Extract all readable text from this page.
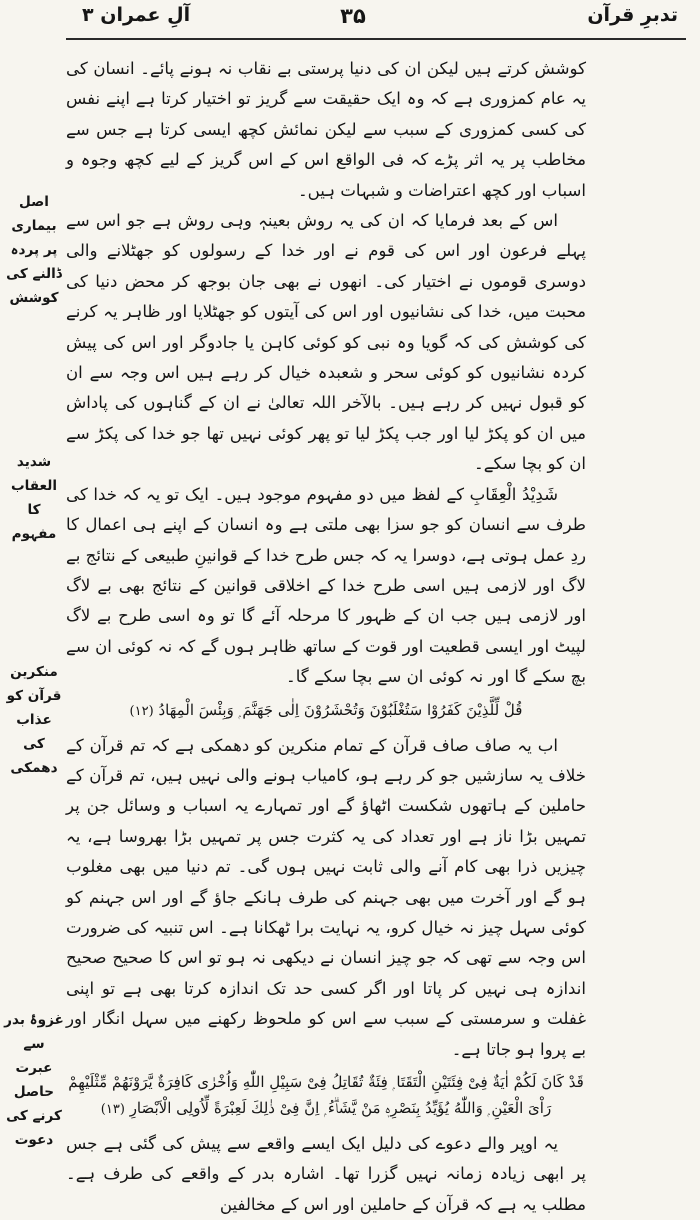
تدبرِ قرآن
۳۵
آلِ عمران ۳

کوشش کرتے ہیں لیکن ان کی دنیا پرستی بے نقاب نہ ہونے پائے۔ انسان کی یہ عام کمزوری ہے کہ وہ ایک حقیقت سے گریز تو اختیار کرتا ہے اپنے نفس کی کسی کمزوری کے سبب سے لیکن نمائش کچھ ایسی کرتا ہے جس سے مخاطب پر یہ اثر پڑے کہ فی الواقع اس کے اس گریز کے لیے کچھ وجوہ و اسباب اور کچھ اعتراضات و شبہات ہیں۔

اس کے بعد فرمایا کہ ان کی یہ روش بعینہٖ وہی روش ہے جو اس سے پہلے فرعون اور اس کی قوم نے اور خدا کے رسولوں کو جھٹلانے والی دوسری قوموں نے اختیار کی۔ انھوں نے بھی جان بوجھ کر محض دنیا کی محبت میں، خدا کی نشانیوں اور اس کی آیتوں کو جھٹلایا اور ظاہر یہ کرنے کی کوشش کی کہ گویا وہ نبی کو کوئی کاہن یا جادوگر اور اس کی پیش کردہ نشانیوں کو کوئی سحر و شعبدہ خیال کر رہے ہیں اس وجہ سے ان کو قبول نہیں کر رہے ہیں۔ بالآخر اللہ تعالیٰ نے ان کے گناہوں کی پاداش میں ان کو پکڑ لیا اور جب پکڑ لیا تو پھر کوئی نہیں تھا جو خدا کی پکڑ سے ان کو بچا سکے۔

شَدِیْدُ الْعِقَابِ کے لفظ میں دو مفہوم موجود ہیں۔ ایک تو یہ کہ خدا کی طرف سے انسان کو جو سزا بھی ملتی ہے وہ انسان کے اپنے ہی اعمال کا ردِ عمل ہوتی ہے، دوسرا یہ کہ جس طرح خدا کے قوانینِ طبیعی کے نتائج بے لاگ اور لازمی ہیں اسی طرح خدا کے اخلاقی قوانین کے نتائج بھی بے لاگ اور لازمی ہیں جب ان کے ظہور کا مرحلہ آئے گا تو وہ اسی طرح بے لاگ لپیٹ اور ایسی قطعیت اور قوت کے ساتھ ظاہر ہوں گے کہ نہ کوئی ان سے بچ سکے گا اور نہ کوئی ان سے بچا سکے گا۔

قُلْ لِّلَّذِیْنَ كَفَرُوْا سَتُغْلَبُوْنَ وَتُحْشَرُوْنَ اِلٰى جَهَنَّمَ ۭ وَبِئْسَ الْمِهَادُ (۱۲)

اب یہ صاف صاف قرآن کے تمام منکرین کو دھمکی ہے کہ تم قرآن کے خلاف یہ سازشیں جو کر رہے ہو، کامیاب ہونے والی نہیں ہیں، تم قرآن کے حاملین کے ہاتھوں شکست اٹھاؤ گے اور تمہارے یہ اسباب و وسائل جن پر تمہیں بڑا ناز ہے اور تعداد کی یہ کثرت جس پر تمہیں بڑا بھروسا ہے، یہ چیزیں ذرا بھی کام آنے والی ثابت نہیں ہوں گی۔ تم دنیا میں بھی مغلوب ہو گے اور آخرت میں بھی جہنم کی طرف ہانکے جاؤ گے اور اس جہنم کو کوئی سہل چیز نہ خیال کرو، یہ نہایت برا ٹھکانا ہے۔ اس تنبیہ کی ضرورت اس وجہ سے تھی کہ جو چیز انسان نے دیکھی نہ ہو تو اس کا صحیح صحیح اندازہ ہی نہیں کر پاتا اور اگر کسی حد تک اندازہ کرتا بھی ہے تو اپنی غفلت و سرمستی کے سبب سے اس کو ملحوظ رکھنے میں سہل انگار اور بے پروا ہو جاتا ہے۔

قَدْ كَانَ لَكُمْ اٰیَةٌ فِیْ فِئَتَیْنِ الْتَقَتَا ۭ فِئَةٌ تُقَاتِلُ فِیْ سَبِیْلِ اللّٰهِ وَاُخْرٰى كَافِرَةٌ یَّرَوْنَهُمْ مِّثْلَیْهِمْ رَاْیَ الْعَیْنِ ۭ وَاللّٰهُ یُؤَیِّدُ بِنَصْرِهٖ مَنْ یَّشَاۗءُ ۭ اِنَّ فِیْ ذٰلِكَ لَعِبْرَةً لِّاُولِی الْاَبْصَارِ (۱۳)

یہ اوپر والے دعوے کی دلیل ایک ایسے واقعے سے پیش کی گئی ہے جس پر ابھی زیادہ زمانہ نہیں گزرا تھا۔ اشارہ بدر کے واقعے کی طرف ہے۔ مطلب یہ ہے کہ قرآن کے حاملین اور اس کے مخالفین

اصل بیماری پر پردہ ڈالنے کی کوشش
شدید العقاب کا مفہوم
منکرین قرآن کو عذاب کی دھمکی
غزوۂ بدر سے عبرت حاصل کرنے کی دعوت
